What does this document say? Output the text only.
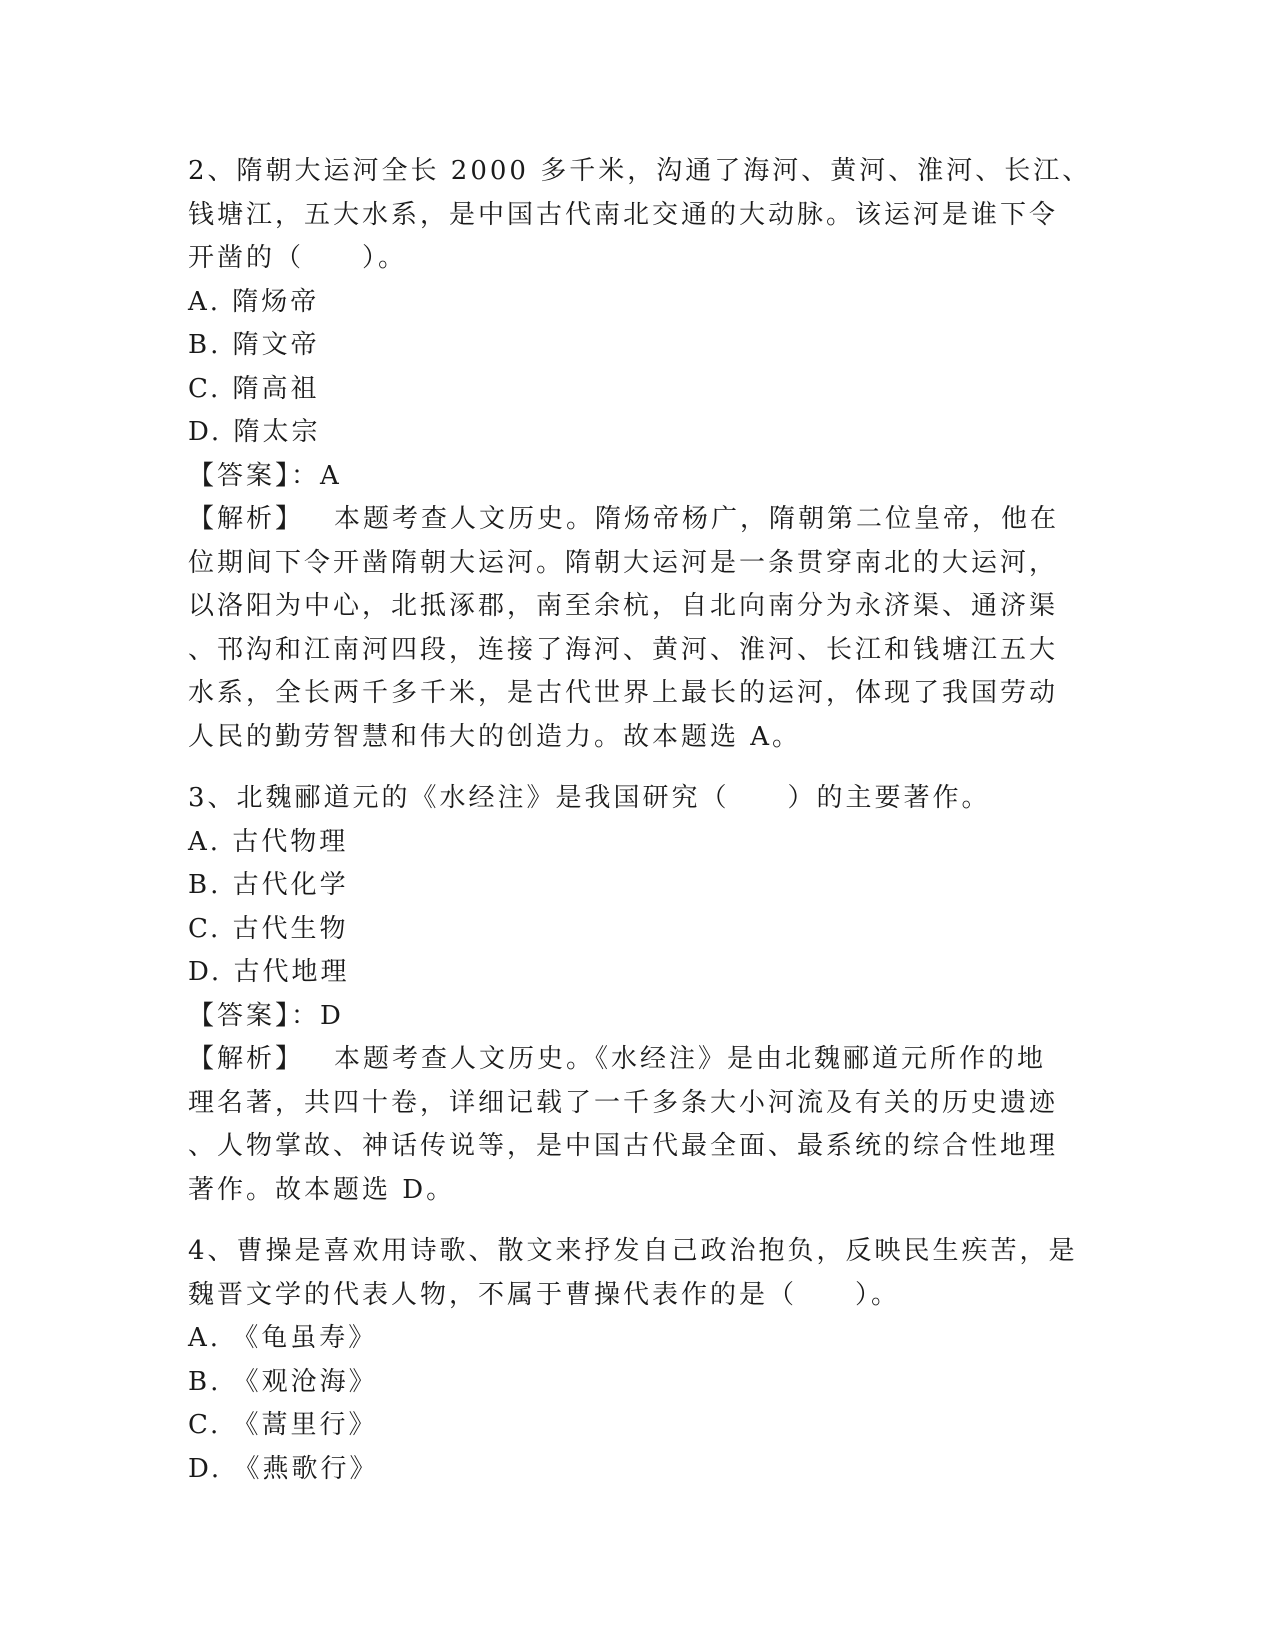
2、隋朝大运河全长 2000 多千米，沟通了海河、黄河、淮河、长江、
钱塘江，五大水系，是中国古代南北交通的大动脉。该运河是谁下令
开凿的（　　）。
A. 隋炀帝
B. 隋文帝
C. 隋高祖
D. 隋太宗
【答案】：A
【解析】 本题考查人文历史。隋炀帝杨广，隋朝第二位皇帝，他在
位期间下令开凿隋朝大运河。隋朝大运河是一条贯穿南北的大运河，
以洛阳为中心，北抵涿郡，南至余杭，自北向南分为永济渠、通济渠
、邗沟和江南河四段，连接了海河、黄河、淮河、长江和钱塘江五大
水系，全长两千多千米，是古代世界上最长的运河，体现了我国劳动
人民的勤劳智慧和伟大的创造力。故本题选 A。
3、北魏郦道元的《水经注》是我国研究（　　）的主要著作。
A. 古代物理
B. 古代化学
C. 古代生物
D. 古代地理
【答案】：D
【解析】 本题考查人文历史。《水经注》是由北魏郦道元所作的地
理名著，共四十卷，详细记载了一千多条大小河流及有关的历史遗迹
、人物掌故、神话传说等，是中国古代最全面、最系统的综合性地理
著作。故本题选 D。
4、曹操是喜欢用诗歌、散文来抒发自己政治抱负，反映民生疾苦，是
魏晋文学的代表人物，不属于曹操代表作的是（　　）。
A. 《龟虽寿》
B. 《观沧海》
C. 《蒿里行》
D. 《燕歌行》
